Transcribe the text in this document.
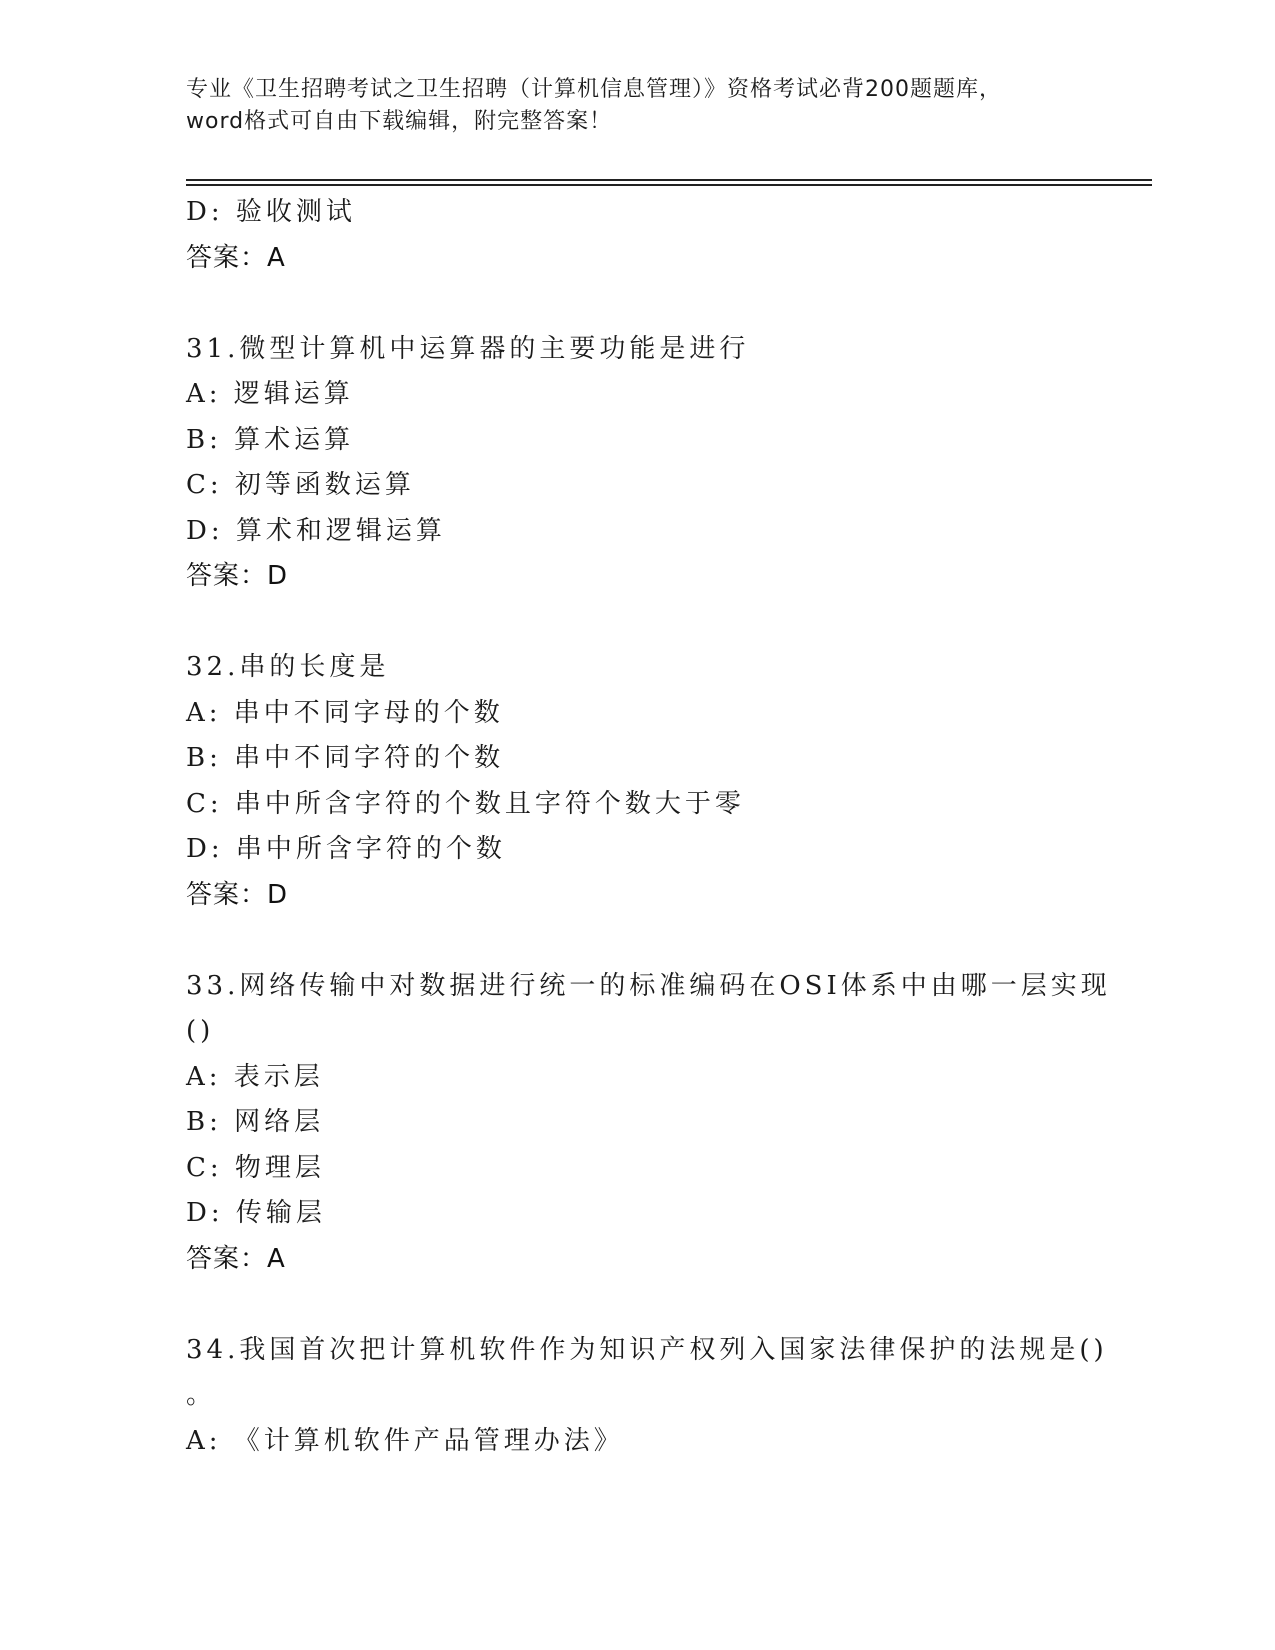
专业《卫生招聘考试之卫生招聘（计算机信息管理）》资格考试必背200题题库，
word格式可自由下载编辑，附完整答案！
D: 验收测试
答案：A
31.微型计算机中运算器的主要功能是进行
A: 逻辑运算
B: 算术运算
C: 初等函数运算
D: 算术和逻辑运算
答案：D
32.串的长度是
A: 串中不同字母的个数
B: 串中不同字符的个数
C: 串中所含字符的个数且字符个数大于零
D: 串中所含字符的个数
答案：D
33.网络传输中对数据进行统一的标准编码在OSI体系中由哪一层实现
()
A: 表示层
B: 网络层
C: 物理层
D: 传输层
答案：A
34.我国首次把计算机软件作为知识产权列入国家法律保护的法规是()
。
A: 《计算机软件产品管理办法》
